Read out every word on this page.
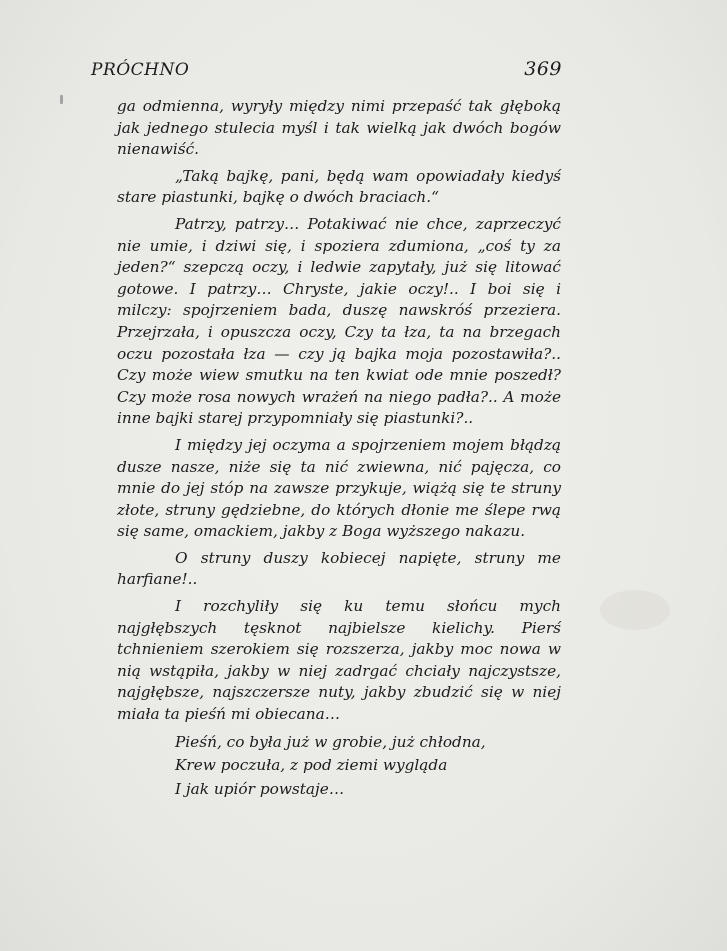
PRÓCHNO	369

ga odmienna, wyryły między nimi przepaść tak głęboką jak jednego stulecia myśl i tak wielką jak dwóch bogów nienawiść.

„Taką bajkę, pani, będą wam opowiadały kiedyś stare piastunki, bajkę o dwóch braciach.“

Patrzy, patrzy… Potakiwać nie chce, zaprzeczyć nie umie, i dziwi się, i spoziera zdumiona, „coś ty za jeden?“ szepczą oczy, i ledwie zapytały, już się litować gotowe. I patrzy… Chryste, jakie oczy!.. I boi się i milczy: spojrzeniem bada, duszę nawskróś przeziera. Przejrzała, i opuszcza oczy, Czy ta łza, ta na brzegach oczu pozostała łza — czy ją bajka moja pozostawiła?.. Czy może wiew smutku na ten kwiat ode mnie poszedł? Czy może rosa nowych wrażeń na niego padła?.. A może inne bajki starej przypomniały się piastunki?..

I między jej oczyma a spojrzeniem mojem błądzą dusze nasze, niże się ta nić zwiewna, nić pajęcza, co mnie do jej stóp na zawsze przykuje, wiążą się te struny złote, struny gędziebne, do których dłonie me ślepe rwą się same, omackiem, jakby z Boga wyższego nakazu.

O struny duszy kobiecej napięte, struny me harfiane!..

I rozchyliły się ku temu słońcu mych najgłębszych tęsknot najbielsze kielichy. Pierś tchnieniem szerokiem się rozszerza, jakby moc nowa w nią wstąpiła, jakby w niej zadrgać chciały najczystsze, najgłębsze, najszczersze nuty, jakby zbudzić się w niej miała ta pieśń mi obiecana…

Pieśń, co była już w grobie, już chłodna,
Krew poczuła, z pod ziemi wygląda
I jak upiór powstaje…
